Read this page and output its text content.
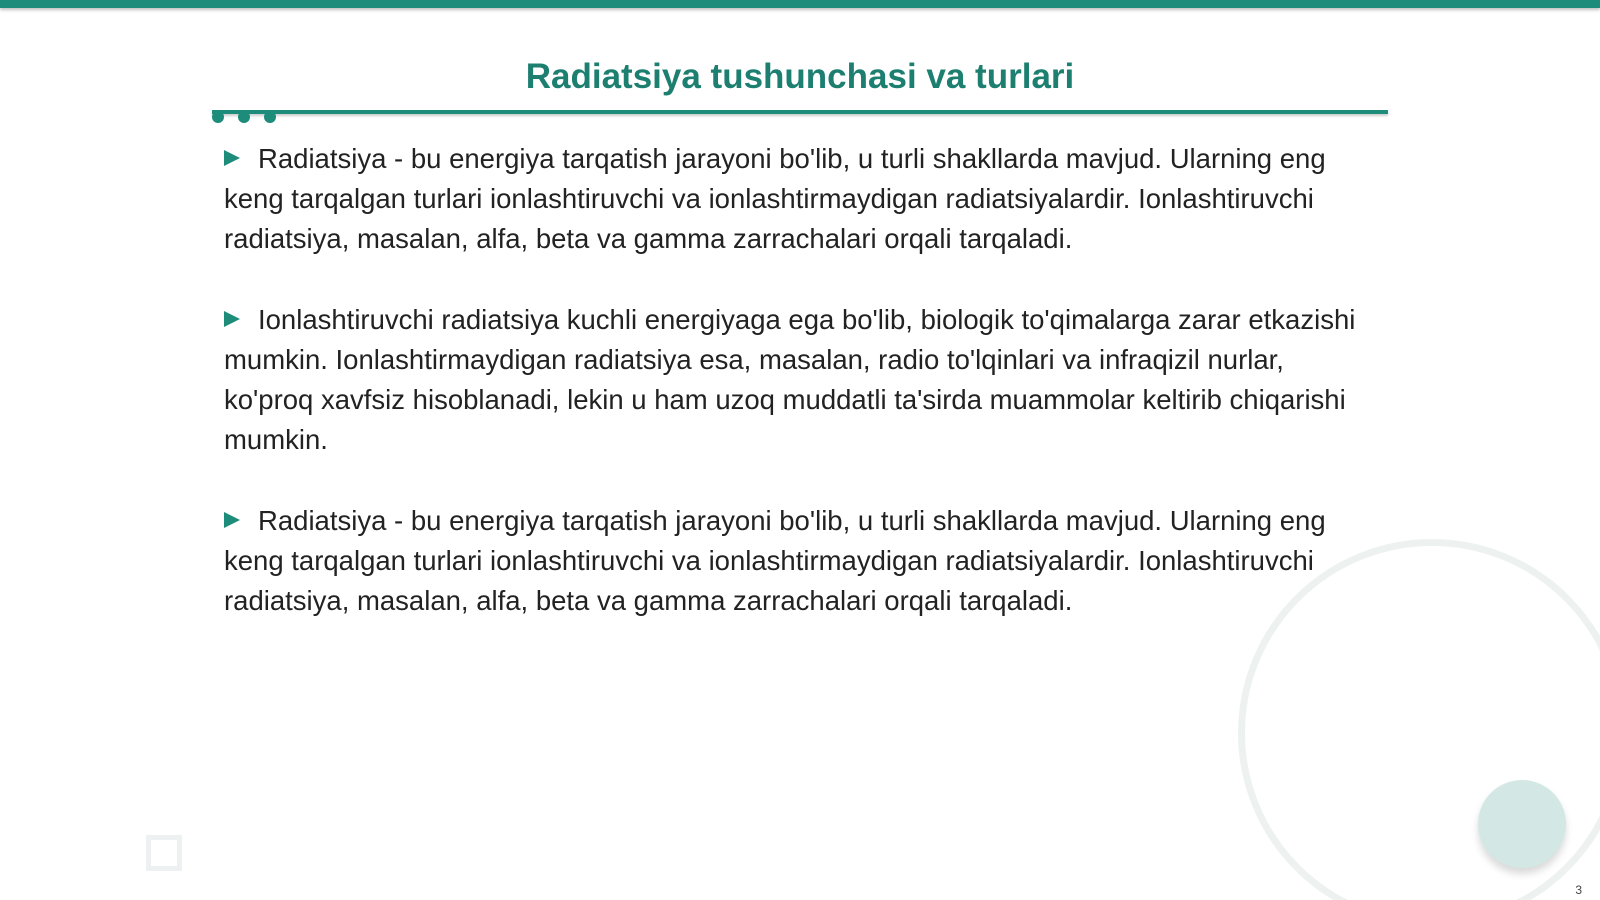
Radiatsiya tushunchasi va turlari

Radiatsiya - bu energiya tarqatish jarayoni bo'lib, u turli shakllarda mavjud. Ularning eng keng tarqalgan turlari ionlashtiruvchi va ionlashtirmaydigan radiatsiyalardir. Ionlashtiruvchi radiatsiya, masalan, alfa, beta va gamma zarrachalari orqali tarqaladi.

Ionlashtiruvchi radiatsiya kuchli energiyaga ega bo'lib, biologik to'qimalarga zarar etkazishi mumkin. Ionlashtirmaydigan radiatsiya esa, masalan, radio to'lqinlari va infraqizil nurlar, ko'proq xavfsiz hisoblanadi, lekin u ham uzoq muddatli ta'sirda muammolar keltirib chiqarishi mumkin.

Radiatsiya - bu energiya tarqatish jarayoni bo'lib, u turli shakllarda mavjud. Ularning eng keng tarqalgan turlari ionlashtiruvchi va ionlashtirmaydigan radiatsiyalardir. Ionlashtiruvchi radiatsiya, masalan, alfa, beta va gamma zarrachalari orqali tarqaladi.

3
